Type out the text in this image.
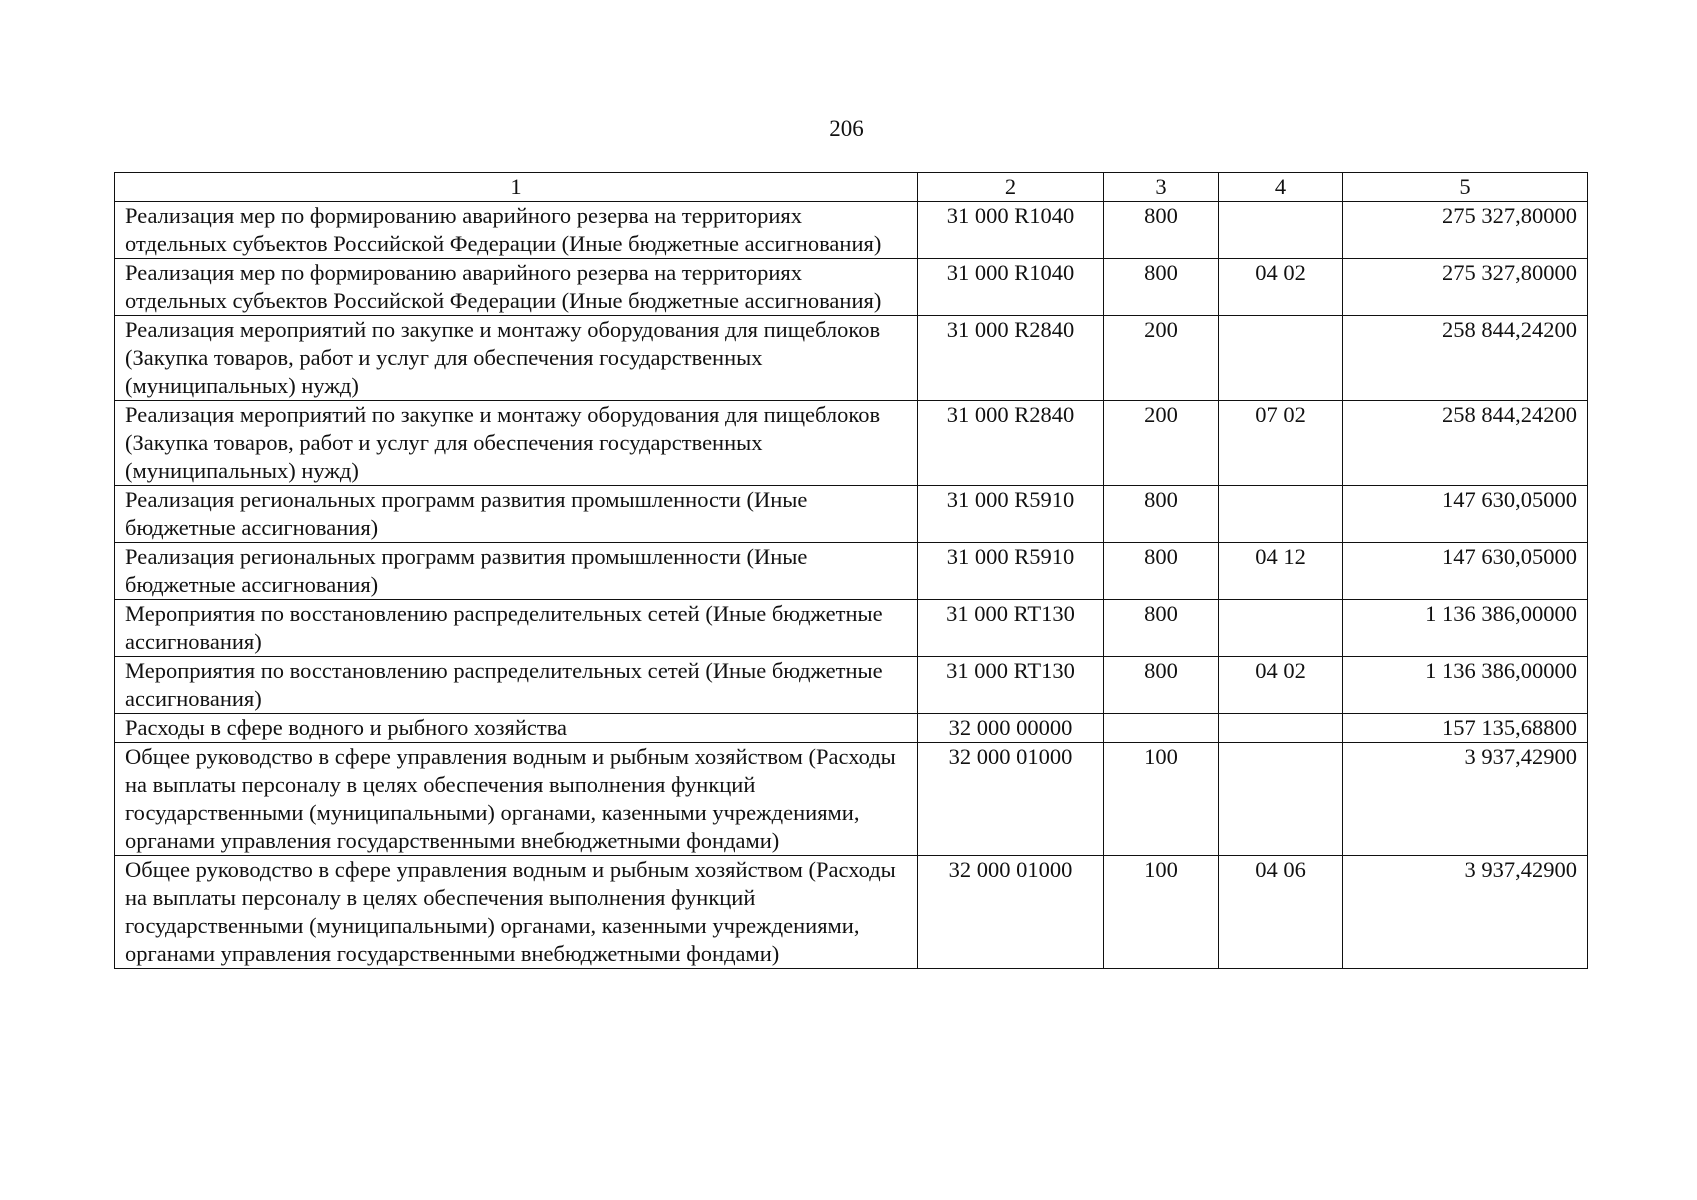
206
1	2	3	4	5
Реализация мер по формированию аварийного резерва на территориях отдельных субъектов Российской Федерации (Иные бюджетные ассигнования)	31 000 R1040	800		275 327,80000
Реализация мер по формированию аварийного резерва на территориях отдельных субъектов Российской Федерации (Иные бюджетные ассигнования)	31 000 R1040	800	04 02	275 327,80000
Реализация мероприятий по закупке и монтажу оборудования для пищеблоков (Закупка товаров, работ и услуг для обеспечения государственных (муниципальных) нужд)	31 000 R2840	200		258 844,24200
Реализация мероприятий по закупке и монтажу оборудования для пищеблоков (Закупка товаров, работ и услуг для обеспечения государственных (муниципальных) нужд)	31 000 R2840	200	07 02	258 844,24200
Реализация региональных программ развития промышленности (Иные бюджетные ассигнования)	31 000 R5910	800		147 630,05000
Реализация региональных программ развития промышленности (Иные бюджетные ассигнования)	31 000 R5910	800	04 12	147 630,05000
Мероприятия по восстановлению распределительных сетей (Иные бюджетные ассигнования)	31 000 RT130	800		1 136 386,00000
Мероприятия по восстановлению распределительных сетей (Иные бюджетные ассигнования)	31 000 RT130	800	04 02	1 136 386,00000
Расходы в сфере водного и рыбного хозяйства	32 000 00000			157 135,68800
Общее руководство в сфере управления водным и рыбным хозяйством (Расходы на выплаты персоналу в целях обеспечения выполнения функций государственными (муниципальными) органами, казенными учреждениями, органами управления государственными внебюджетными фондами)	32 000 01000	100		3 937,42900
Общее руководство в сфере управления водным и рыбным хозяйством (Расходы на выплаты персоналу в целях обеспечения выполнения функций государственными (муниципальными) органами, казенными учреждениями, органами управления государственными внебюджетными фондами)	32 000 01000	100	04 06	3 937,42900
